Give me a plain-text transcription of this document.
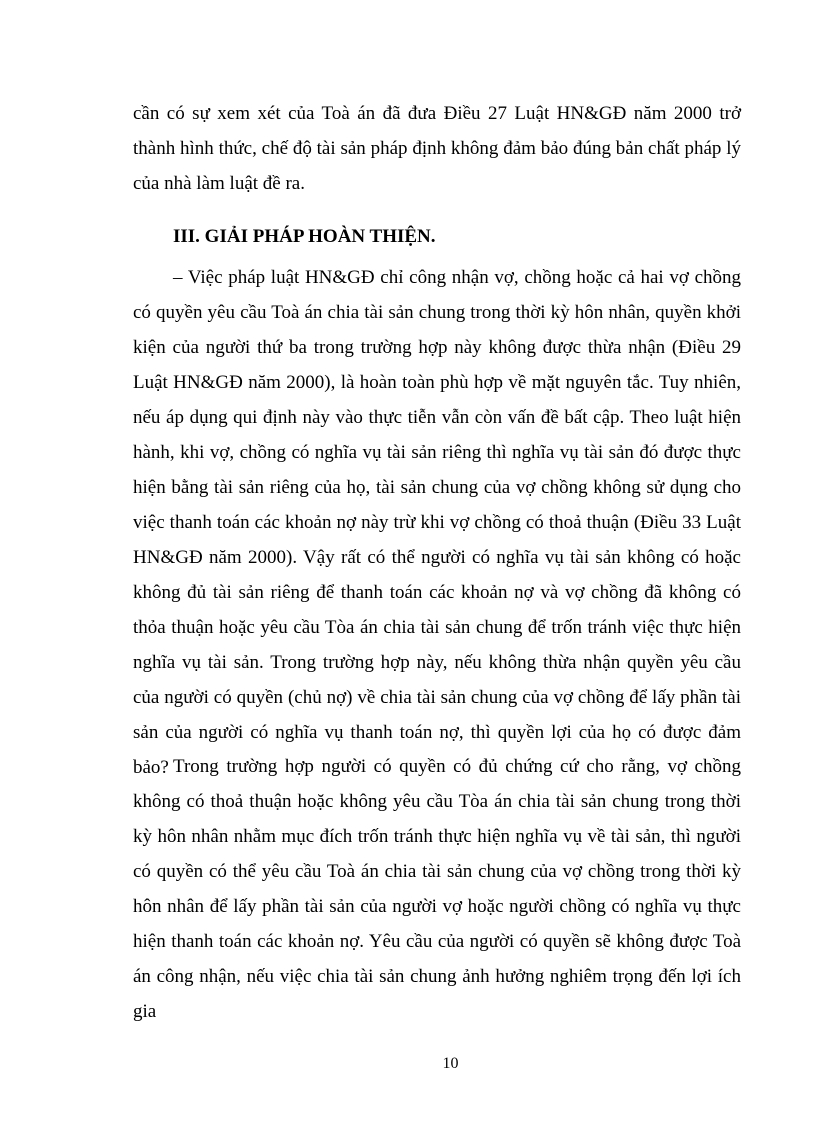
cần có sự xem xét của Toà án đã đưa Điều 27 Luật HN&GĐ năm 2000 trở thành hình thức, chế độ tài sản pháp định không đảm bảo đúng bản chất pháp lý của nhà làm luật đề ra.

III. GIẢI PHÁP HOÀN THIỆN.

– Việc pháp luật HN&GĐ chỉ công nhận vợ, chồng hoặc cả hai vợ chồng có quyền yêu cầu Toà án chia tài sản chung trong thời kỳ hôn nhân, quyền khởi kiện của người thứ ba trong trường hợp này không được thừa nhận (Điều 29 Luật HN&GĐ năm 2000), là hoàn toàn phù hợp về mặt nguyên tắc. Tuy nhiên, nếu áp dụng qui định này vào thực tiễn vẫn còn vấn đề bất cập. Theo luật hiện hành, khi vợ, chồng có nghĩa vụ tài sản riêng thì nghĩa vụ tài sản đó được thực hiện bằng tài sản riêng của họ, tài sản chung của vợ chồng không sử dụng cho việc thanh toán các khoản nợ này trừ khi vợ chồng có thoả thuận (Điều 33 Luật HN&GĐ năm 2000). Vậy rất có thể người có nghĩa vụ tài sản không có hoặc không đủ tài sản riêng để thanh toán các khoản nợ và vợ chồng đã không có thỏa thuận hoặc yêu cầu Tòa án chia tài sản chung để trốn tránh việc thực hiện nghĩa vụ tài sản. Trong trường hợp này, nếu không thừa nhận quyền yêu cầu của người có quyền (chủ nợ) về chia tài sản chung của vợ chồng để lấy phần tài sản của người có nghĩa vụ thanh toán nợ, thì quyền lợi của họ có được đảm bảo? Trong trường hợp người có quyền có đủ chứng cứ cho rằng, vợ chồng không có thoả thuận hoặc không yêu cầu Tòa án chia tài sản chung trong thời kỳ hôn nhân nhằm mục đích trốn tránh thực hiện nghĩa vụ về tài sản, thì người có quyền có thể yêu cầu Toà án chia tài sản chung của vợ chồng trong thời kỳ hôn nhân để lấy phần tài sản của người vợ hoặc người chồng có nghĩa vụ thực hiện thanh toán các khoản nợ. Yêu cầu của người có quyền sẽ không được Toà án công nhận, nếu việc chia tài sản chung ảnh hưởng nghiêm trọng đến lợi ích gia

10
